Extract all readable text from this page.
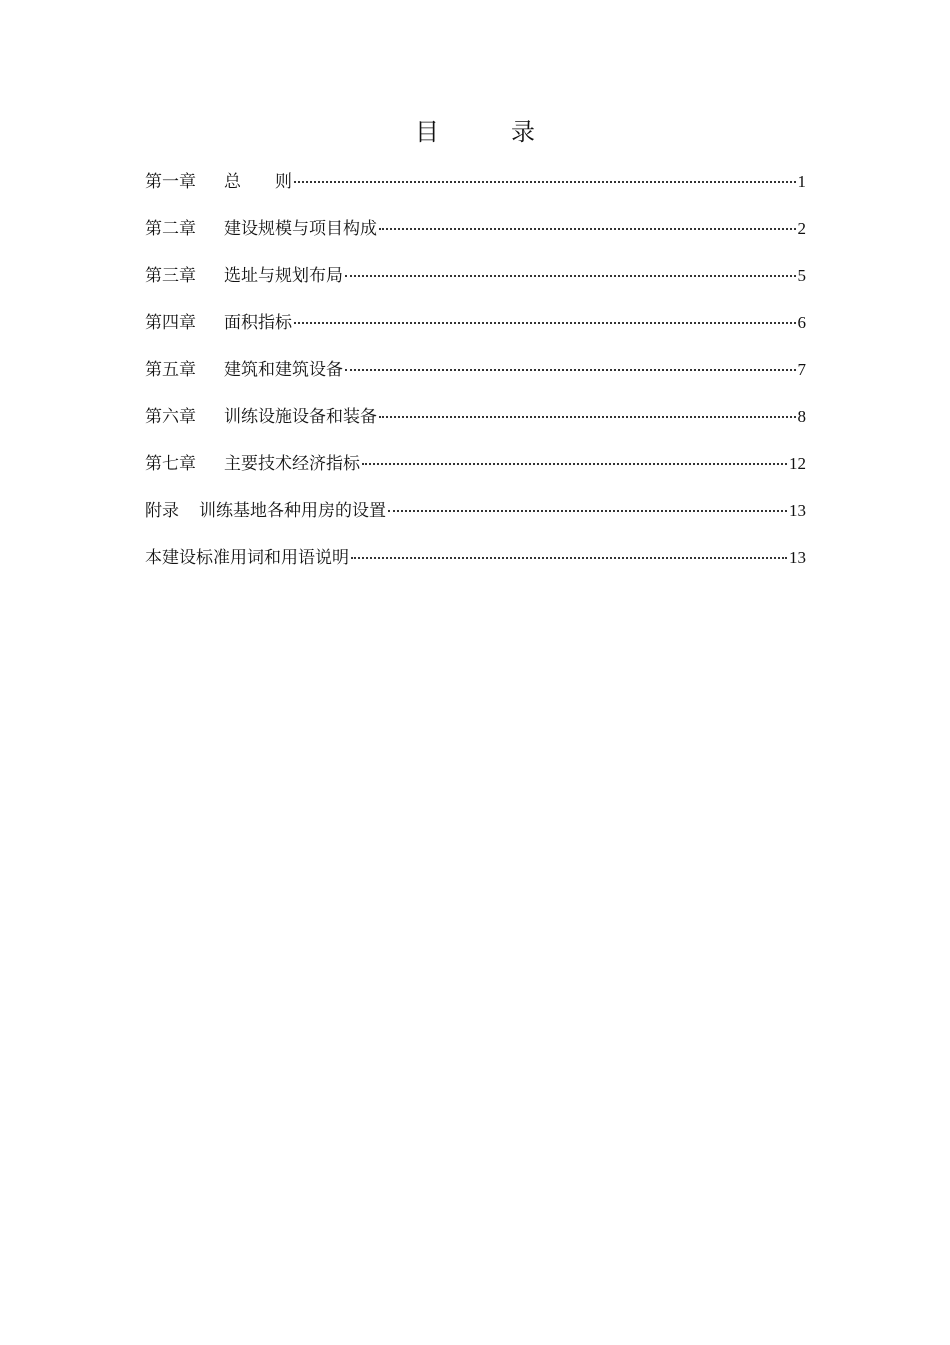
目　　　录
第一章 总　　则	1
第二章 建设规模与项目构成	2
第三章 选址与规划布局	5
第四章 面积指标	6
第五章 建筑和建筑设备	7
第六章 训练设施设备和装备	8
第七章 主要技术经济指标	12
附录 训练基地各种用房的设置	13
本建设标准用词和用语说明	13
